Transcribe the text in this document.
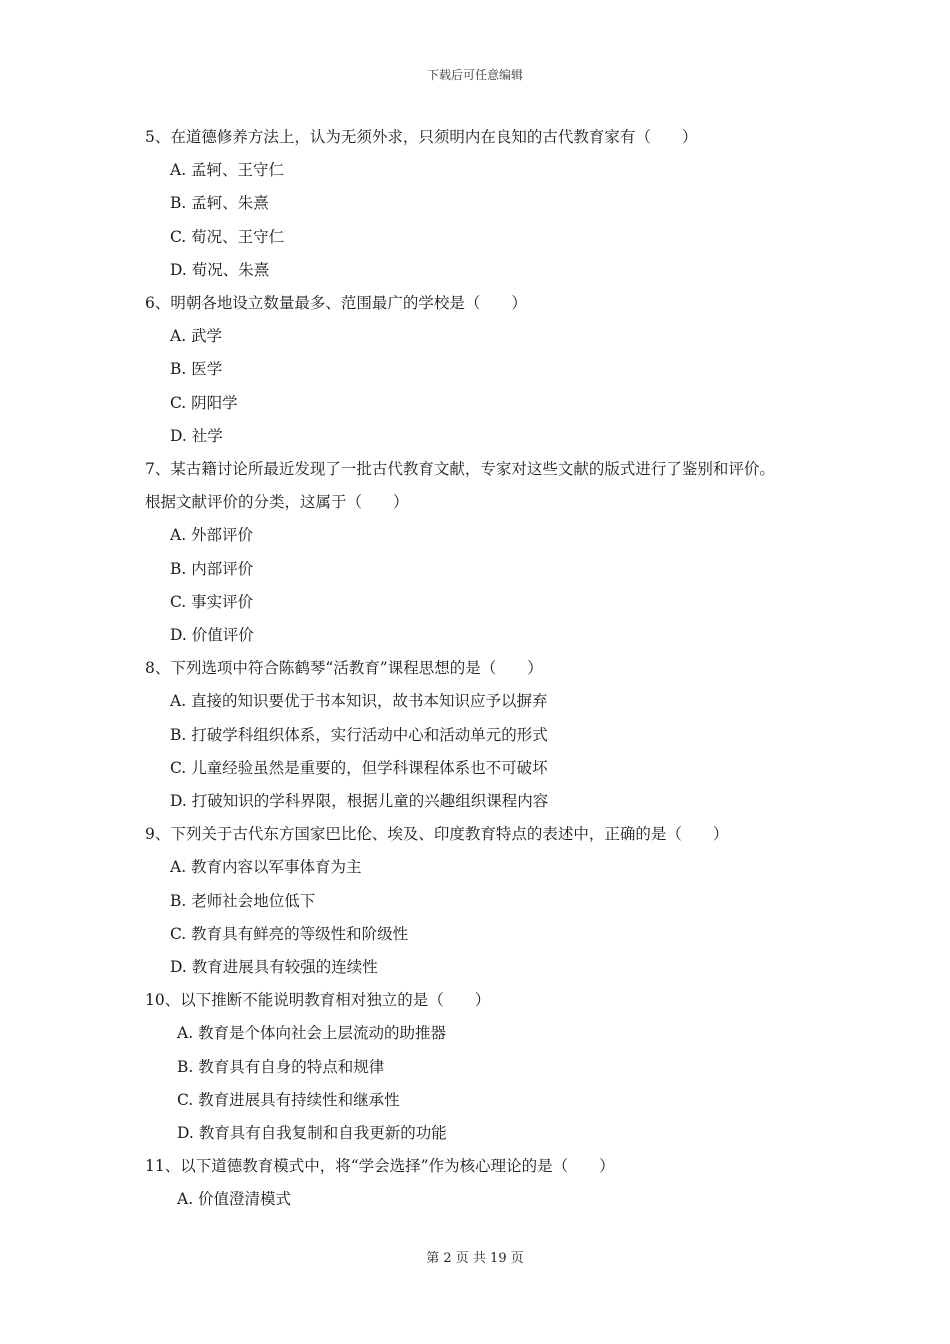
下载后可任意编辑
5、在道德修养方法上，认为无须外求，只须明内在良知的古代教育家有（　　）
A. 孟轲、王守仁
B. 孟轲、朱熹
C. 荀况、王守仁
D. 荀况、朱熹
6、明朝各地设立数量最多、范围最广的学校是（　　）
A. 武学
B. 医学
C. 阴阳学
D. 社学
7、某古籍讨论所最近发现了一批古代教育文献，专家对这些文献的版式进行了鉴别和评价。
根据文献评价的分类，这属于（　　）
A. 外部评价
B. 内部评价
C. 事实评价
D. 价值评价
8、下列选项中符合陈鹤琴“活教育”课程思想的是（　　）
A. 直接的知识要优于书本知识，故书本知识应予以摒弃
B. 打破学科组织体系，实行活动中心和活动单元的形式
C. 儿童经验虽然是重要的，但学科课程体系也不可破坏
D. 打破知识的学科界限，根据儿童的兴趣组织课程内容
9、下列关于古代东方国家巴比伦、埃及、印度教育特点的表述中，正确的是（　　）
A. 教育内容以军事体育为主
B. 老师社会地位低下
C. 教育具有鲜亮的等级性和阶级性
D. 教育进展具有较强的连续性
10、以下推断不能说明教育相对独立的是（　　）
A. 教育是个体向社会上层流动的助推器
B. 教育具有自身的特点和规律
C. 教育进展具有持续性和继承性
D. 教育具有自我复制和自我更新的功能
11、以下道德教育模式中，将“学会选择”作为核心理论的是（　　）
A. 价值澄清模式
第 2 页 共 19 页
